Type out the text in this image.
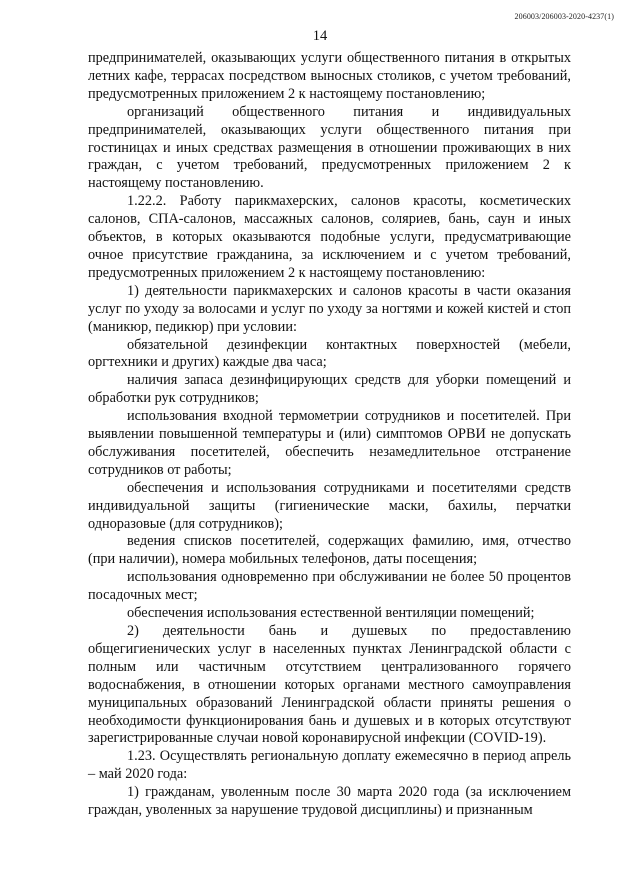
206003/206003-2020-4237(1)
14

предпринимателей, оказывающих услуги общественного питания в открытых летних кафе, террасах посредством выносных столиков, с учетом требований, предусмотренных приложением 2 к настоящему постановлению;

организаций общественного питания и индивидуальных предпринимателей, оказывающих услуги общественного питания при гостиницах и иных средствах размещения в отношении проживающих в них граждан, с учетом требований, предусмотренных приложением 2 к настоящему постановлению.

1.22.2. Работу парикмахерских, салонов красоты, косметических салонов, СПА-салонов, массажных салонов, соляриев, бань, саун и иных объектов, в которых оказываются подобные услуги, предусматривающие очное присутствие гражданина, за исключением и с учетом требований, предусмотренных приложением 2 к настоящему постановлению:

1) деятельности парикмахерских и салонов красоты в части оказания услуг по уходу за волосами и услуг по уходу за ногтями и кожей кистей и стоп (маникюр, педикюр) при условии:

обязательной дезинфекции контактных поверхностей (мебели, оргтехники и других) каждые два часа;

наличия запаса дезинфицирующих средств для уборки помещений и обработки рук сотрудников;

использования входной термометрии сотрудников и посетителей. При выявлении повышенной температуры и (или) симптомов ОРВИ не допускать обслуживания посетителей, обеспечить незамедлительное отстранение сотрудников от работы;

обеспечения и использования сотрудниками и посетителями средств индивидуальной защиты (гигиенические маски, бахилы, перчатки одноразовые (для сотрудников);

ведения списков посетителей, содержащих фамилию, имя, отчество (при наличии), номера мобильных телефонов, даты посещения;

использования одновременно при обслуживании не более 50 процентов посадочных мест;

обеспечения использования естественной вентиляции помещений;

2) деятельности бань и душевых по предоставлению общегигиенических услуг в населенных пунктах Ленинградской области с полным или частичным отсутствием централизованного горячего водоснабжения, в отношении которых органами местного самоуправления муниципальных образований Ленинградской области приняты решения о необходимости функционирования бань и душевых и в которых отсутствуют зарегистрированные случаи новой коронавирусной инфекции (COVID-19).

1.23. Осуществлять региональную доплату ежемесячно в период апрель – май 2020 года:

1) гражданам, уволенным после 30 марта 2020 года (за исключением граждан, уволенных за нарушение трудовой дисциплины) и признанным
